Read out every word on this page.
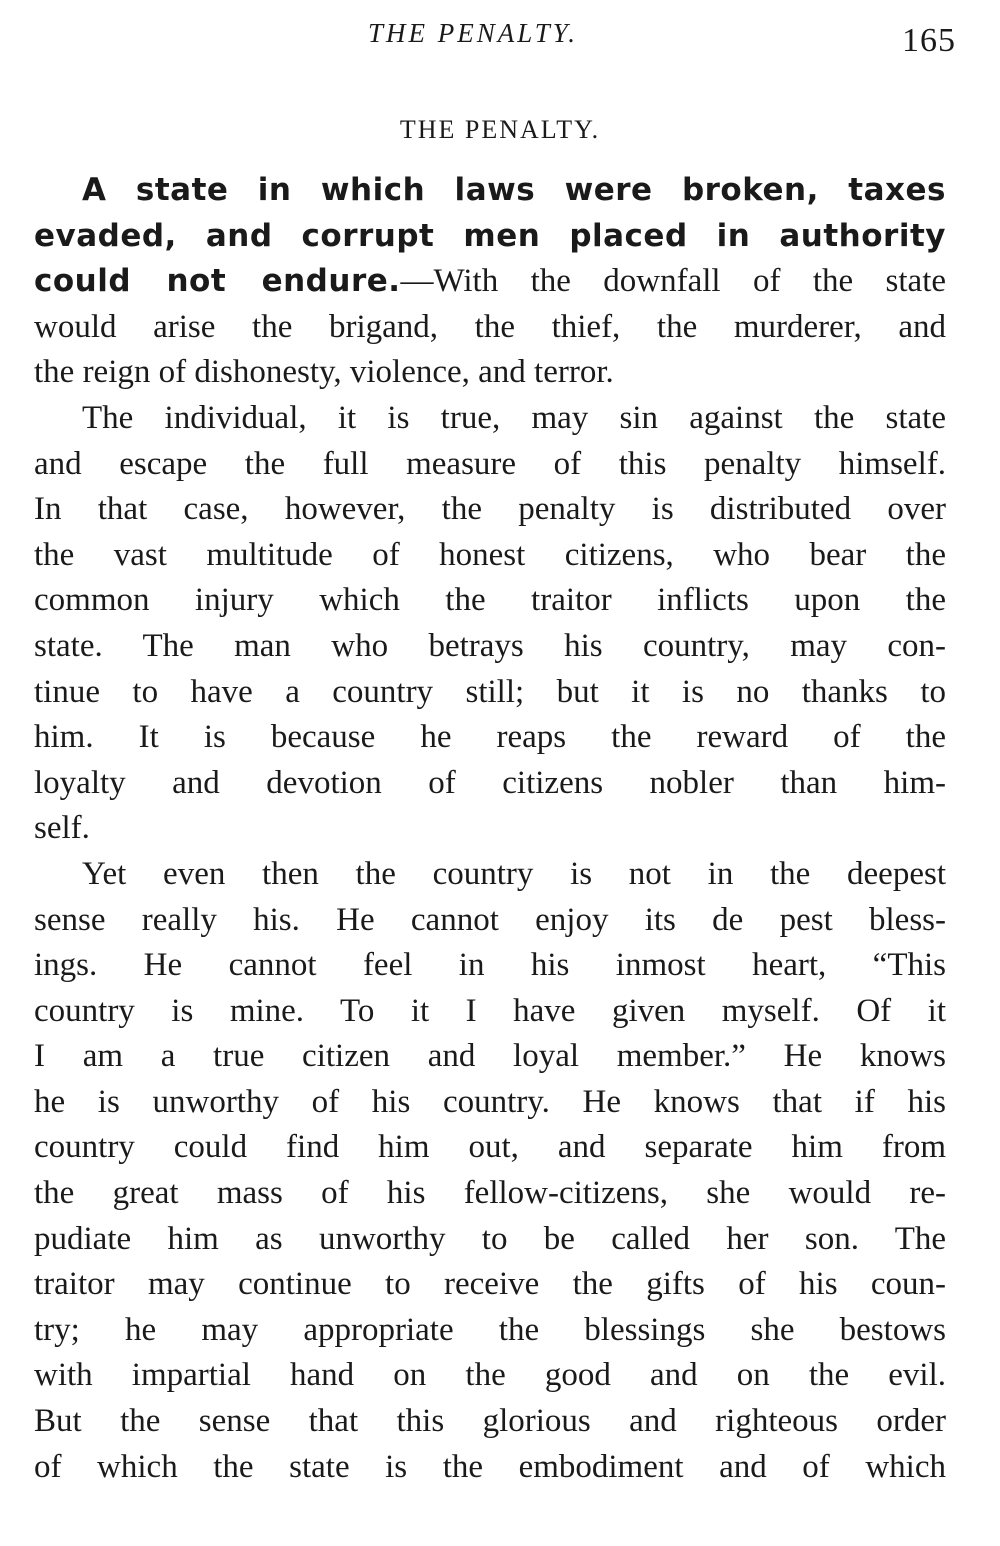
THE PENALTY.	165
THE PENALTY.
A state in which laws were broken, taxes
evaded, and corrupt men placed in authority
could not endure.—With the downfall of the state
would arise the brigand, the thief, the murderer, and
the reign of dishonesty, violence, and terror.
The individual, it is true, may sin against the state
and escape the full measure of this penalty himself.
In that case, however, the penalty is distributed over
the vast multitude of honest citizens, who bear the
common injury which the traitor inflicts upon the
state. The man who betrays his country, may con-
tinue to have a country still; but it is no thanks to
him. It is because he reaps the reward of the
loyalty and devotion of citizens nobler than him-
self.
Yet even then the country is not in the deepest
sense really his. He cannot enjoy its de pest bless-
ings. He cannot feel in his inmost heart, “This
country is mine. To it I have given myself. Of it
I am a true citizen and loyal member.” He knows
he is unworthy of his country. He knows that if his
country could find him out, and separate him from
the great mass of his fellow-citizens, she would re-
pudiate him as unworthy to be called her son. The
traitor may continue to receive the gifts of his coun-
try; he may appropriate the blessings she bestows
with impartial hand on the good and on the evil.
But the sense that this glorious and righteous order
of which the state is the embodiment and of which
